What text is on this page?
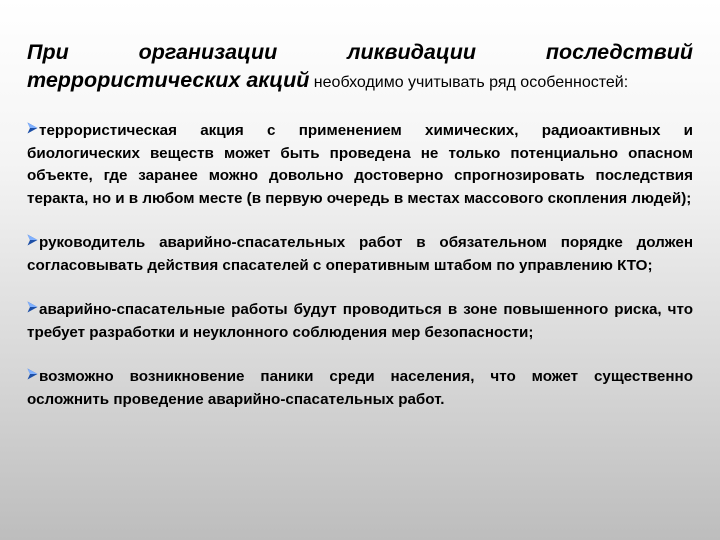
При организации ликвидации последствий террористических акций необходимо учитывать ряд особенностей:
террористическая акция с применением химических, радиоактивных и биологических веществ может быть проведена не только потенциально опасном объекте, где заранее можно довольно достоверно спрогнозировать последствия теракта, но и в любом месте (в первую очередь в местах массового скопления людей);
руководитель аварийно-спасательных работ в обязательном порядке должен согласовывать действия спасателей с оперативным штабом по управлению КТО;
аварийно-спасательные работы будут проводиться в зоне повышенного риска, что требует разработки и неуклонного соблюдения мер безопасности;
возможно возникновение паники среди населения, что может существенно осложнить проведение аварийно-спасательных работ.
